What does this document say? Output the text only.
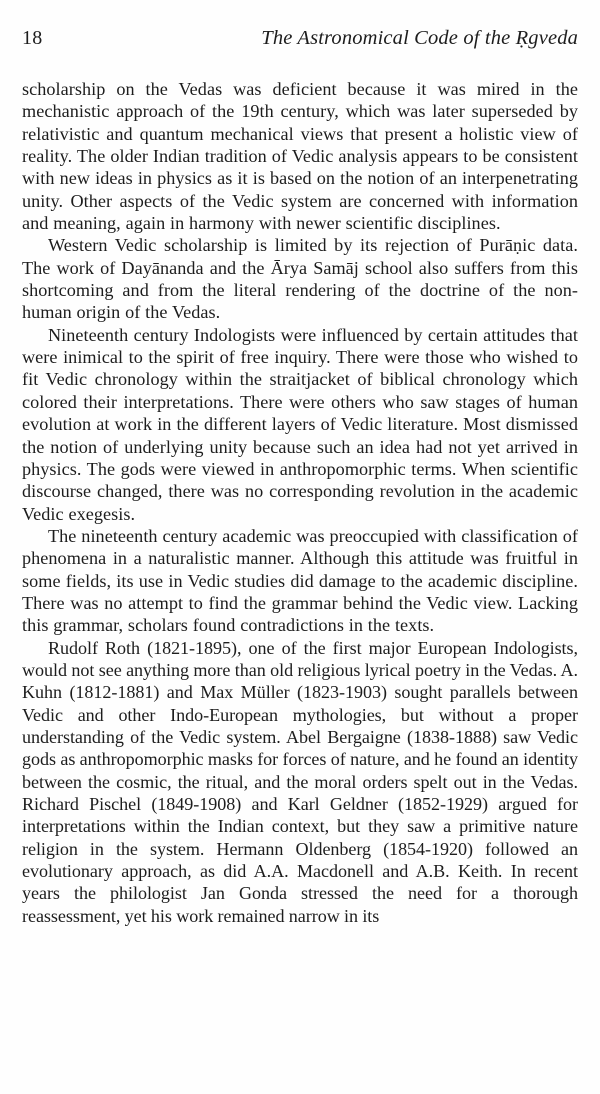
18	The Astronomical Code of the Ṛgveda

scholarship on the Vedas was deficient because it was mired in the mechanistic approach of the 19th century, which was later superseded by relativistic and quantum mechanical views that present a holistic view of reality. The older Indian tradition of Vedic analysis appears to be consistent with new ideas in physics as it is based on the notion of an interpenetrating unity. Other aspects of the Vedic system are concerned with information and meaning, again in harmony with newer scientific disciplines.

Western Vedic scholarship is limited by its rejection of Purāṇic data. The work of Dayānanda and the Ārya Samāj school also suffers from this shortcoming and from the literal rendering of the doctrine of the non-human origin of the Vedas.

Nineteenth century Indologists were influenced by certain attitudes that were inimical to the spirit of free inquiry. There were those who wished to fit Vedic chronology within the straitjacket of biblical chronology which colored their interpretations. There were others who saw stages of human evolution at work in the different layers of Vedic literature. Most dismissed the notion of underlying unity because such an idea had not yet arrived in physics. The gods were viewed in anthropomorphic terms. When scientific discourse changed, there was no corresponding revolution in the academic Vedic exegesis.

The nineteenth century academic was preoccupied with classification of phenomena in a naturalistic manner. Although this attitude was fruitful in some fields, its use in Vedic studies did damage to the academic discipline. There was no attempt to find the grammar behind the Vedic view. Lacking this grammar, scholars found contradictions in the texts.

Rudolf Roth (1821-1895), one of the first major European Indologists, would not see anything more than old religious lyrical poetry in the Vedas. A. Kuhn (1812-1881) and Max Müller (1823-1903) sought parallels between Vedic and other Indo-European mythologies, but without a proper understanding of the Vedic system. Abel Bergaigne (1838-1888) saw Vedic gods as anthropomorphic masks for forces of nature, and he found an identity between the cosmic, the ritual, and the moral orders spelt out in the Vedas. Richard Pischel (1849-1908) and Karl Geldner (1852-1929) argued for interpretations within the Indian context, but they saw a primitive nature religion in the system. Hermann Oldenberg (1854-1920) followed an evolutionary approach, as did A.A. Macdonell and A.B. Keith. In recent years the philologist Jan Gonda stressed the need for a thorough reassessment, yet his work remained narrow in its
